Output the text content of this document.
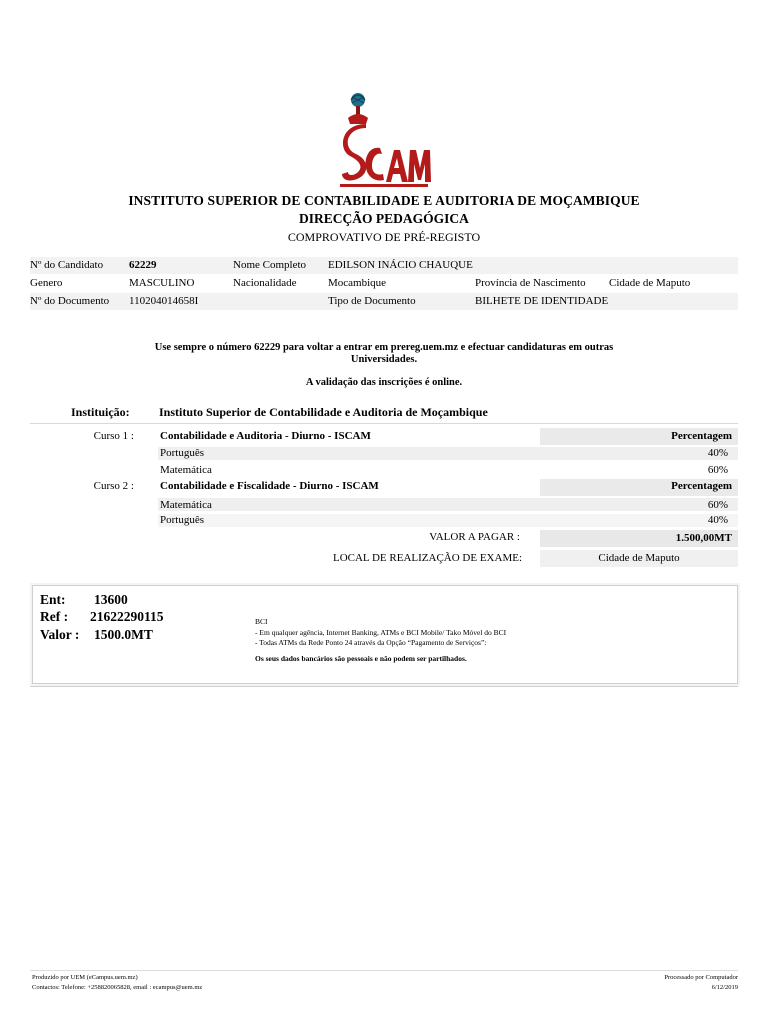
INSTITUTO SUPERIOR DE CONTABILIDADE E AUDITORIA DE MOÇAMBIQUE
DIRECÇÃO PEDAGÓGICA
COMPROVATIVO DE PRÉ-REGISTO
Nº do Candidato 62229	Nome Completo EDILSON INÁCIO CHAUQUE
Genero	MASCULINO	Nacionalidade	Mocambique	Província de Nascimento Cidade de Maputo
Nº do Documento 110204014658I	Tipo de Documento	BILHETE DE IDENTIDADE
Use sempre o número 62229 para voltar a entrar em prereg.uem.mz e efectuar candidaturas em outras
Universidades.
A validação das inscrições é online.
Instituição: Instituto Superior de Contabilidade e Auditoria de Moçambique
Curso 1 : Contabilidade e Auditoria - Diurno - ISCAM	Percentagem
Português	40%
Matemática	60%
Curso 2 : Contabilidade e Fiscalidade - Diurno - ISCAM	Percentagem
Matemática	60%
Português	40%
VALOR A PAGAR :	1.500,00MT
LOCAL DE REALIZAÇÃO DE EXAME:	Cidade de Maputo
Ent: 13600
Ref : 21622290115
Valor : 1500.0MT
BCI
- Em qualquer agência, Internet Banking, ATMs e BCI Mobile/ Tako Móvel do BCI
- Todas ATMs da Rede Ponto 24 através da Opção “Pagamento de Serviços”:
Os seus dados bancários são pessoais e não podem ser partilhados.
Produzido por UEM (eCampus.uem.mz)
Contactos: Telefone: +258820065828, email : ecampus@uem.mz
Processado por Computador
6/12/2019
